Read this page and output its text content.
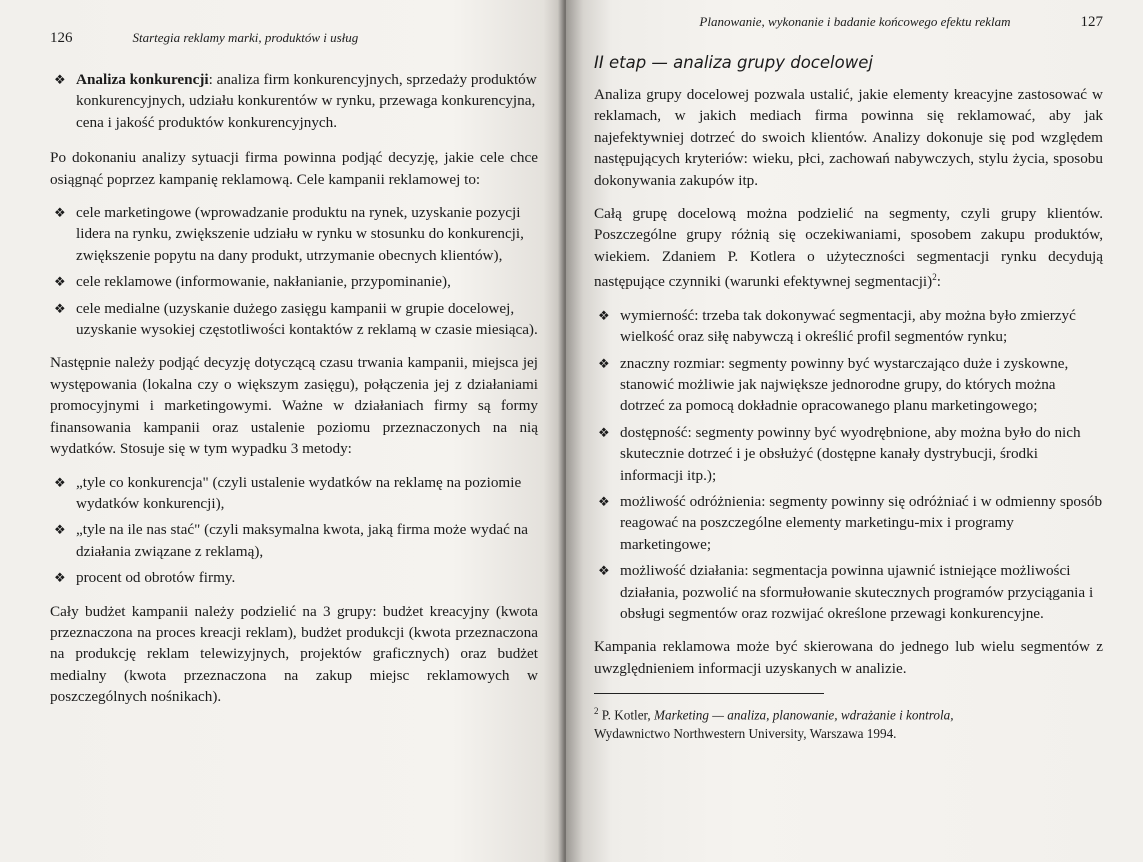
126	Startegia reklamy marki, produktów i usług
❖ Analiza konkurencji: analiza firm konkurencyjnych, sprzedaży produktów konkurencyjnych, udziału konkurentów w rynku, przewaga konkurencyjna, cena i jakość produktów konkurencyjnych.

Po dokonaniu analizy sytuacji firma powinna podjąć decyzję, jakie cele chce osiągnąć poprzez kampanię reklamową. Cele kampanii reklamowej to:

❖ cele marketingowe (wprowadzanie produktu na rynek, uzyskanie pozycji lidera na rynku, zwiększenie udziału w rynku w stosunku do konkurencji, zwiększenie popytu na dany produkt, utrzymanie obecnych klientów),
❖ cele reklamowe (informowanie, nakłanianie, przypominanie),
❖ cele medialne (uzyskanie dużego zasięgu kampanii w grupie docelowej, uzyskanie wysokiej częstotliwości kontaktów z reklamą w czasie miesiąca).

Następnie należy podjąć decyzję dotyczącą czasu trwania kampanii, miejsca jej występowania (lokalna czy o większym zasięgu), połączenia jej z działaniami promocyjnymi i marketingowymi. Ważne w działaniach firmy są formy finansowania kampanii oraz ustalenie poziomu przeznaczonych na nią wydatków. Stosuje się w tym wypadku 3 metody:

❖ „tyle co konkurencja" (czyli ustalenie wydatków na reklamę na poziomie wydatków konkurencji),
❖ „tyle na ile nas stać" (czyli maksymalna kwota, jaką firma może wydać na działania związane z reklamą),
❖ procent od obrotów firmy.

Cały budżet kampanii należy podzielić na 3 grupy: budżet kreacyjny (kwota przeznaczona na proces kreacji reklam), budżet produkcji (kwota przeznaczona na produkcję reklam telewizyjnych, projektów graficznych) oraz budżet medialny (kwota przeznaczona na zakup miejsc reklamowych w poszczególnych nośnikach).

Planowanie, wykonanie i badanie końcowego efektu reklam	127
II etap — analiza grupy docelowej

Analiza grupy docelowej pozwala ustalić, jakie elementy kreacyjne zastosować w reklamach, w jakich mediach firma powinna się reklamować, aby jak najefektywniej dotrzeć do swoich klientów. Analizy dokonuje się pod względem następujących kryteriów: wieku, płci, zachowań nabywczych, stylu życia, sposobu dokonywania zakupów itp.

Całą grupę docelową można podzielić na segmenty, czyli grupy klientów. Poszczególne grupy różnią się oczekiwaniami, sposobem zakupu produktów, wiekiem. Zdaniem P. Kotlera o użyteczności segmentacji rynku decydują następujące czynniki (warunki efektywnej segmentacji)$^2$:

❖ wymierność: trzeba tak dokonywać segmentacji, aby można było zmierzyć wielkość oraz siłę nabywczą i określić profil segmentów rynku;
❖ znaczny rozmiar: segmenty powinny być wystarczająco duże i zyskowne, stanowić możliwie jak największe jednorodne grupy, do których można dotrzeć za pomocą dokładnie opracowanego planu marketingowego;
❖ dostępność: segmenty powinny być wyodrębnione, aby można było do nich skutecznie dotrzeć i je obsłużyć (dostępne kanały dystrybucji, środki informacji itp.);
❖ możliwość odróżnienia: segmenty powinny się odróżniać i w odmienny sposób reagować na poszczególne elementy marketingu-mix i programy marketingowe;
❖ możliwość działania: segmentacja powinna ujawnić istniejące możliwości działania, pozwolić na sformułowanie skutecznych programów przyciągania i obsługi segmentów oraz rozwijać określone przewagi konkurencyjne.

Kampania reklamowa może być skierowana do jednego lub wielu segmentów z uwzględnieniem informacji uzyskanych w analizie.

$^2$ P. Kotler, Marketing — analiza, planowanie, wdrażanie i kontrola,
Wydawnictwo Northwestern University, Warszawa 1994.
